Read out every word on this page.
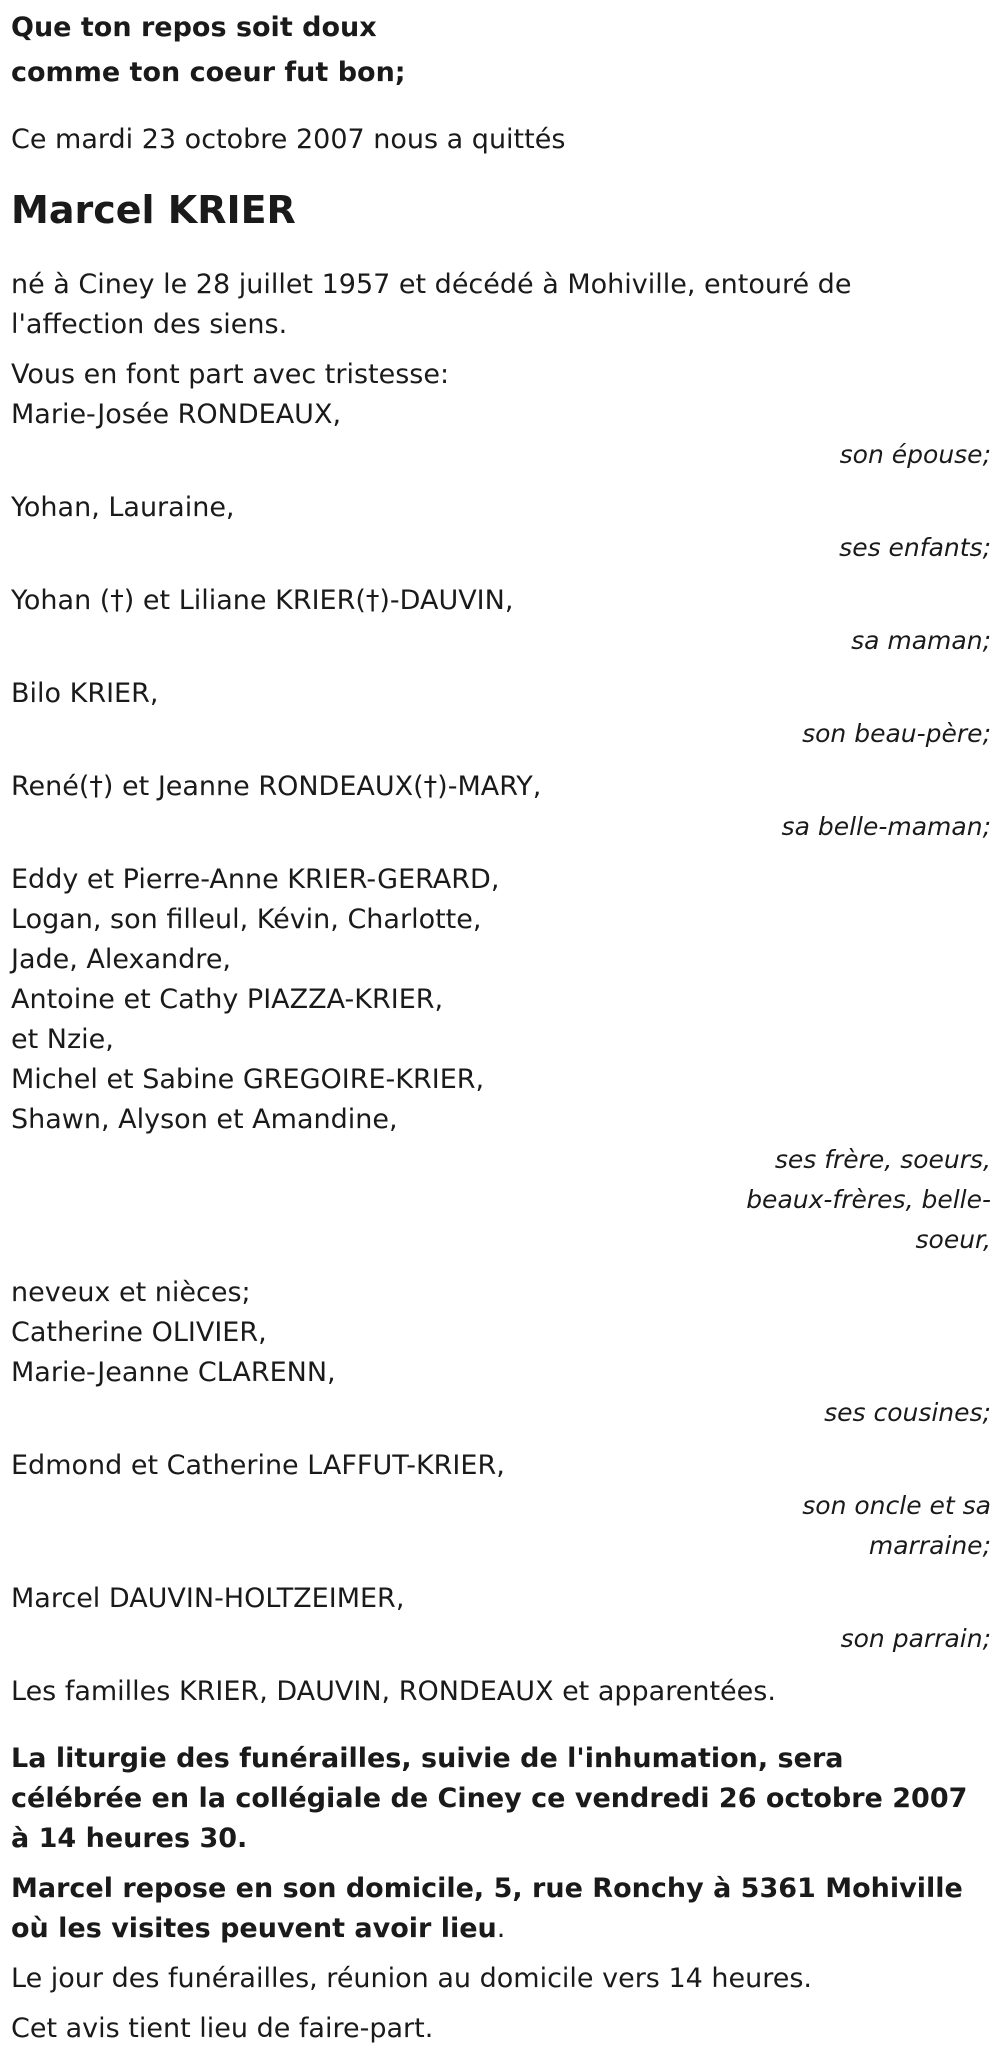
Que ton repos soit doux

comme ton coeur fut bon;

Ce mardi 23 octobre 2007 nous a quittés

Marcel KRIER

né à Ciney le 28 juillet 1957 et décédé à Mohiville, entouré de l'affection des siens.

Vous en font part avec tristesse:

Marie-Josée RONDEAUX,

son épouse;

Yohan, Lauraine,

ses enfants;

Yohan (†) et Liliane KRIER(†)-DAUVIN,

sa maman;

Bilo KRIER,

son beau-père;

René(†) et Jeanne RONDEAUX(†)-MARY,

sa belle-maman;

Eddy et Pierre-Anne KRIER-GERARD,

Logan, son filleul, Kévin, Charlotte,

Jade, Alexandre,

Antoine et Cathy PIAZZA-KRIER,

et Nzie,

Michel et Sabine GREGOIRE-KRIER,

Shawn, Alyson et Amandine,

ses frère, soeurs,

beaux-frères, belle-

soeur,

neveux et nièces;

Catherine OLIVIER,

Marie-Jeanne CLARENN,

ses cousines;

Edmond et Catherine LAFFUT-KRIER,

son oncle et sa

marraine;

Marcel DAUVIN-HOLTZEIMER,

son parrain;

Les familles KRIER, DAUVIN, RONDEAUX et apparentées.

La liturgie des funérailles, suivie de l'inhumation, sera célébrée en la collégiale de Ciney ce vendredi 26 octobre 2007 à 14 heures 30.

Marcel repose en son domicile, 5, rue Ronchy à 5361 Mohiville où les visites peuvent avoir lieu.

Le jour des funérailles, réunion au domicile vers 14 heures.

Cet avis tient lieu de faire-part.
